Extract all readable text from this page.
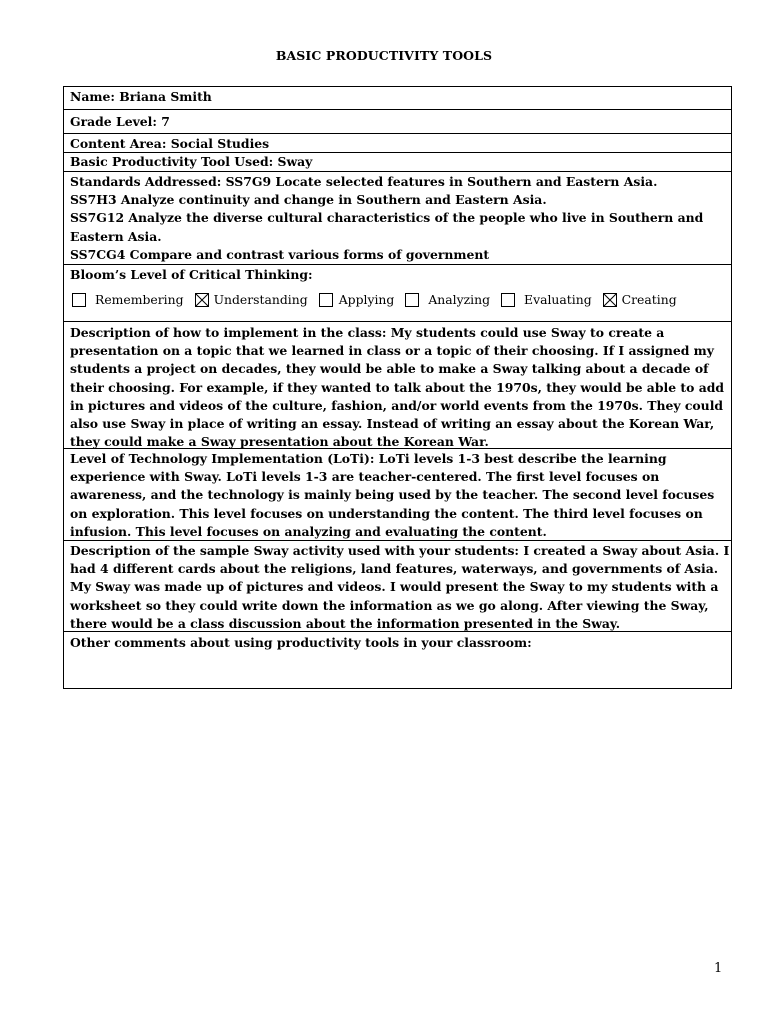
BASIC PRODUCTIVITY TOOLS
Name: Briana Smith
Grade Level: 7
Content Area: Social Studies
Basic Productivity Tool Used: Sway
Standards Addressed: SS7G9 Locate selected features in Southern and Eastern Asia.
SS7H3 Analyze continuity and change in Southern and Eastern Asia.
SS7G12 Analyze the diverse cultural characteristics of the people who live in Southern and
Eastern Asia.
SS7CG4 Compare and contrast various forms of government
Bloom’s Level of Critical Thinking:
Remembering Understanding	Applying	Analyzing	Evaluating Creating
Description of how to implement in the class: My students could use Sway to create a
presentation on a topic that we learned in class or a topic of their choosing. If I assigned my
students a project on decades, they would be able to make a Sway talking about a decade of
their choosing. For example, if they wanted to talk about the 1970s, they would be able to add
in pictures and videos of the culture, fashion, and/or world events from the 1970s. They could
also use Sway in place of writing an essay. Instead of writing an essay about the Korean War,
they could make a Sway presentation about the Korean War.
Level of Technology Implementation (LoTi): LoTi levels 1-3 best describe the learning
experience with Sway. LoTi levels 1-3 are teacher-centered. The first level focuses on
awareness, and the technology is mainly being used by the teacher. The second level focuses
on exploration. This level focuses on understanding the content. The third level focuses on
infusion. This level focuses on analyzing and evaluating the content.
Description of the sample Sway activity used with your students: I created a Sway about Asia. I
had 4 different cards about the religions, land features, waterways, and governments of Asia.
My Sway was made up of pictures and videos. I would present the Sway to my students with a
worksheet so they could write down the information as we go along. After viewing the Sway,
there would be a class discussion about the information presented in the Sway.
Other comments about using productivity tools in your classroom:
1
